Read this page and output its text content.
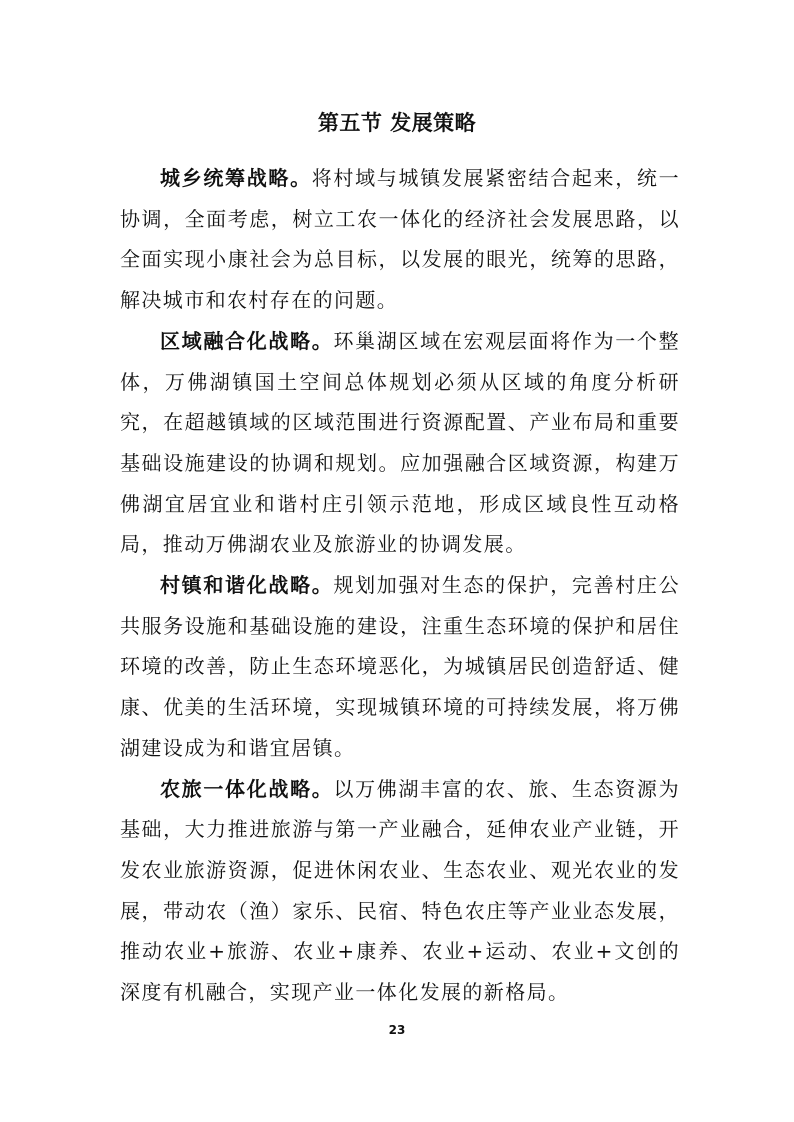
第五节 发展策略

城乡统筹战略。将村域与城镇发展紧密结合起来，统一协调，全面考虑，树立工农一体化的经济社会发展思路，以全面实现小康社会为总目标，以发展的眼光，统筹的思路，解决城市和农村存在的问题。

区域融合化战略。环巢湖区域在宏观层面将作为一个整体，万佛湖镇国土空间总体规划必须从区域的角度分析研究，在超越镇域的区域范围进行资源配置、产业布局和重要基础设施建设的协调和规划。应加强融合区域资源，构建万佛湖宜居宜业和谐村庄引领示范地，形成区域良性互动格局，推动万佛湖农业及旅游业的协调发展。

村镇和谐化战略。规划加强对生态的保护，完善村庄公共服务设施和基础设施的建设，注重生态环境的保护和居住环境的改善，防止生态环境恶化，为城镇居民创造舒适、健康、优美的生活环境，实现城镇环境的可持续发展，将万佛湖建设成为和谐宜居镇。

农旅一体化战略。以万佛湖丰富的农、旅、生态资源为基础，大力推进旅游与第一产业融合，延伸农业产业链，开发农业旅游资源，促进休闲农业、生态农业、观光农业的发展，带动农（渔）家乐、民宿、特色农庄等产业业态发展，推动农业+旅游、农业+康养、农业+运动、农业+文创的深度有机融合，实现产业一体化发展的新格局。

23
